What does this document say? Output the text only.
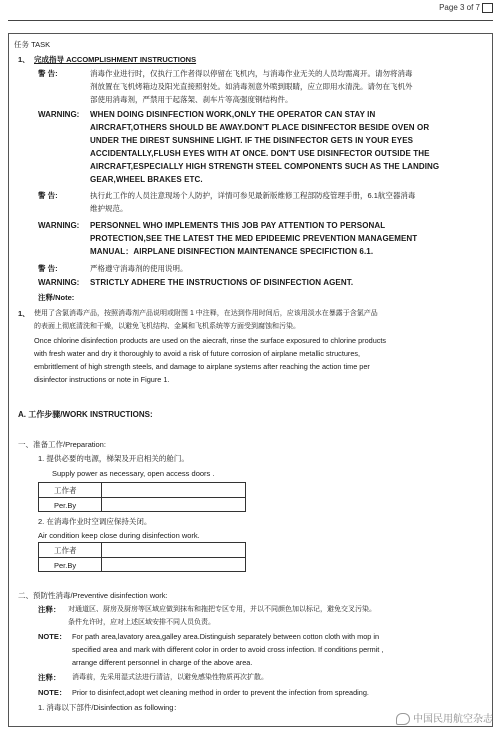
Page 3 of 7
任务 TASK
1、 完成指导 ACCOMPLISHMENT INSTRUCTIONS
警 告:	消毒作业进行时，仅执行工作者得以停留在飞机内，与消毒作业无关的人员均需离开。请勿将消毒
剂放置在飞机烤箱边及阳光直接照射处。如消毒剂意外喷到眼睛，应立即用水清洗。请勿在飞机外
部使用消毒剂，严禁用于起落架、刹车片等高强度钢结构件。
WARNING: WHEN DOING DISINFECTION WORK,ONLY THE OPERATOR CAN STAY IN
AIRCRAFT,OTHERS SHOULD BE AWAY.DON'T PLACE DISINFECTOR BESIDE OVEN OR
UNDER THE DIREST SUNSHINE LIGHT. IF THE DISINFECTOR GETS IN YOUR EYES
ACCIDENTALLY,FLUSH EYES WITH AT ONCE. DON'T USE DISINFECTOR OUTSIDE THE
AIRCRAFT,ESPECIALLY HIGH STRENGTH STEEL COMPONENTS SUCH AS THE LANDING
GEAR,WHEEL BRAKES ETC.
警 告:	执行此工作的人员注意现场个人防护，详情可参见最新版维修工程部防疫管理手册，6.1航空器消毒
维护规范。
WARNING: PERSONNEL WHO IMPLEMENTS THIS JOB PAY ATTENTION TO PERSONAL
PROTECTION,SEE THE LATEST THE MED EPIDEEMIC PREVENTION MANAGEMENT
MANUAL：AIRPLANE DISINFECTION MAINTENANCE SPECIFICTION 6.1.
警 告:	严格遵守消毒剂的使用说明。
WARNING: STRICTLY ADHERE THE INSTRUCTIONS OF DISINFECTION AGENT.
注释/Note:
1、 使用了含氯消毒产品，按照消毒剂产品说明或附图 1 中注释，在达到作用时间后，应该用淡水在暴露于含氯产品
的表面上彻底清洗和干燥，以避免飞机结构、金属和飞机系统等方面受到腐蚀和污染。
Once chlorine disinfection products are used on the aiecraft, rinse the surface exposured to chlorine products
with fresh water and dry it thoroughly to avoid a risk of future corrosion of airplane metallic structures,
embrittlement of high strength steels, and damage to airplane systems after reaching the action time per
disinfector instructions or note in Figure 1.
A. 工作步骤/WORK INSTRUCTIONS:
一、准备工作/Preparation:
1. 提供必要的电源，梯架及开启相关的舱门。
Supply power as necessary, open access doors .
工作者
Per.By
2. 在消毒作业时空调应保持关闭。
Air condition keep close during disinfection work.
工作者
Per.By
二、预防性消毒/Preventive disinfection work:
注释： 对通道区、厨房及厨房等区域应做到抹布和拖把专区专用，并以不同颜色加以标记，避免交叉污染。
条件允许时，应对上述区域安排不同人员负责。
NOTE： For path area,lavatory area,galley area.Distinguish separately between cotton cloth with mop in
specified area and mark with different color in order to avoid cross infection. If conditions permit ,
arrange different personnel in charge of the above area.
注释： 消毒前，先采用湿式法进行清洁，以避免感染性物质再次扩散。
NOTE： Prior to disinfect,adopt wet cleaning method in order to prevent the infection from spreading.
1. 消毒以下部件/Disinfection as following：
中国民用航空杂志
